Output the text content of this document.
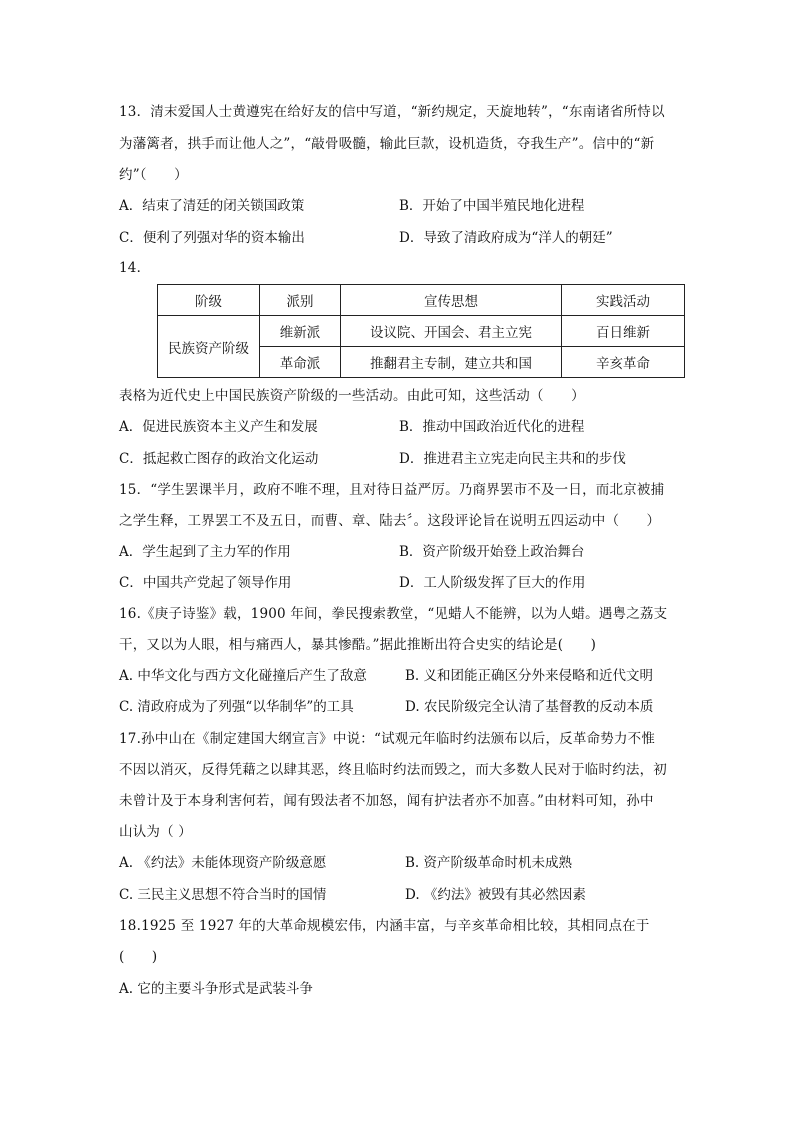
13．清末爱国人士黄遵宪在给好友的信中写道，“新约规定，天旋地转”，“东南诸省所恃以
为藩篱者，拱手而让他人之”，“敲骨吸髓，输此巨款，设机造货，夺我生产”。信中的“新
约”（　　）
A．结束了清廷的闭关锁国政策	B．开始了中国半殖民地化进程
C．便利了列强对华的资本输出	D．导致了清政府成为“洋人的朝廷”
14．
阶级	派别	宣传思想	实践活动
民族资产阶级	维新派	设议院、开国会、君主立宪	百日维新
	革命派	推翻君主专制，建立共和国	辛亥革命
表格为近代史上中国民族资产阶级的一些活动。由此可知，这些活动（　　）
A．促进民族资本主义产生和发展	B．推动中国政治近代化的进程
C．抵起救亡图存的政治文化运动	D．推进君主立宪走向民主共和的步伐
15．“学生罢课半月，政府不唯不理，且对待日益严厉。乃商界罢市不及一日，而北京被捕
之学生释，工界罢工不及五日，而曹、章、陆去〞。这段评论旨在说明五四运动中（　　）
A．学生起到了主力军的作用	B．资产阶级开始登上政治舞台
C．中国共产党起了领导作用	D．工人阶级发挥了巨大的作用
16.《庚子诗鉴》载，1900 年间，拳民搜索教堂，“见蜡人不能辨，以为人蜡。遇粤之荔支
干，又以为人眼，相与痛西人，暴其惨酷。”据此推断出符合史实的结论是(　　)
A. 中华文化与西方文化碰撞后产生了敌意	B. 义和团能正确区分外来侵略和近代文明
C. 清政府成为了列强“以华制华”的工具	D. 农民阶级完全认清了基督教的反动本质
17.孙中山在《制定建国大纲宣言》中说：“试观元年临时约法颁布以后，反革命势力不惟
不因以消灭，反得凭藉之以肆其恶，终且临时约法而毁之，而大多数人民对于临时约法，初
未曾计及于本身利害何若，闻有毁法者不加怒，闻有护法者亦不加喜。”由材料可知，孙中
山认为（ ）
A. 《约法》未能体现资产阶级意愿	B. 资产阶级革命时机未成熟
C. 三民主义思想不符合当时的国情	D. 《约法》被毁有其必然因素
18.1925 至 1927 年的大革命规模宏伟，内涵丰富，与辛亥革命相比较，其相同点在于
(　　)
A. 它的主要斗争形式是武装斗争
